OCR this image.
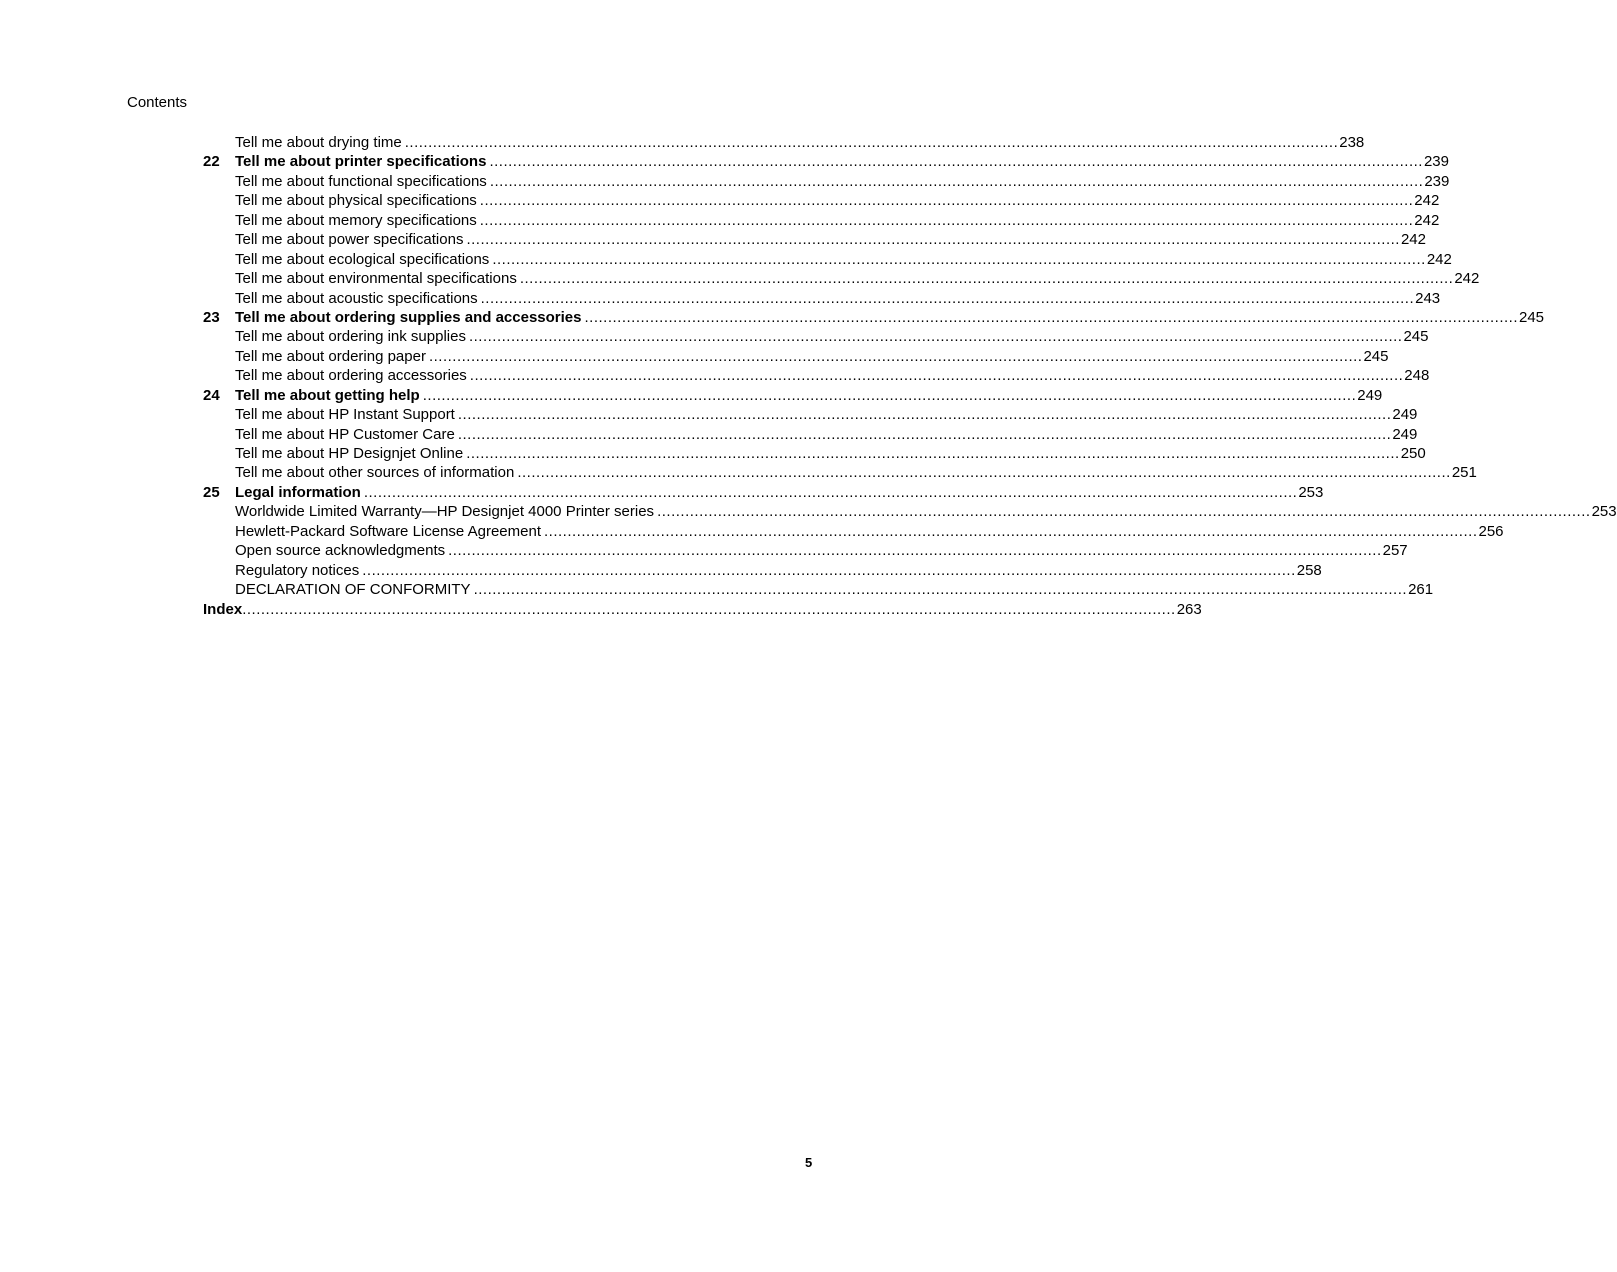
Contents
Tell me about drying time ........................................................................................................................................................................................................ 238
22	Tell me about printer specifications ........................................................................................................................................................................................................ 239
Tell me about functional specifications ........................................................................................................................................................................................................ 239
Tell me about physical specifications ........................................................................................................................................................................................................ 242
Tell me about memory specifications ........................................................................................................................................................................................................ 242
Tell me about power specifications ........................................................................................................................................................................................................ 242
Tell me about ecological specifications ........................................................................................................................................................................................................ 242
Tell me about environmental specifications ........................................................................................................................................................................................................ 242
Tell me about acoustic specifications ........................................................................................................................................................................................................ 243
23	Tell me about ordering supplies and accessories ........................................................................................................................................................................................................ 245
Tell me about ordering ink supplies ........................................................................................................................................................................................................ 245
Tell me about ordering paper ........................................................................................................................................................................................................ 245
Tell me about ordering accessories ........................................................................................................................................................................................................ 248
24	Tell me about getting help ........................................................................................................................................................................................................ 249
Tell me about HP Instant Support ........................................................................................................................................................................................................ 249
Tell me about HP Customer Care ........................................................................................................................................................................................................ 249
Tell me about HP Designjet Online ........................................................................................................................................................................................................ 250
Tell me about other sources of information ........................................................................................................................................................................................................ 251
25	Legal information ........................................................................................................................................................................................................ 253
Worldwide Limited Warranty—HP Designjet 4000 Printer series ........................................................................................................................................................................................................ 253
Hewlett-Packard Software License Agreement ........................................................................................................................................................................................................ 256
Open source acknowledgments ........................................................................................................................................................................................................ 257
Regulatory notices ........................................................................................................................................................................................................ 258
DECLARATION OF CONFORMITY ........................................................................................................................................................................................................ 261
Index ........................................................................................................................................................................................................ 263
5
